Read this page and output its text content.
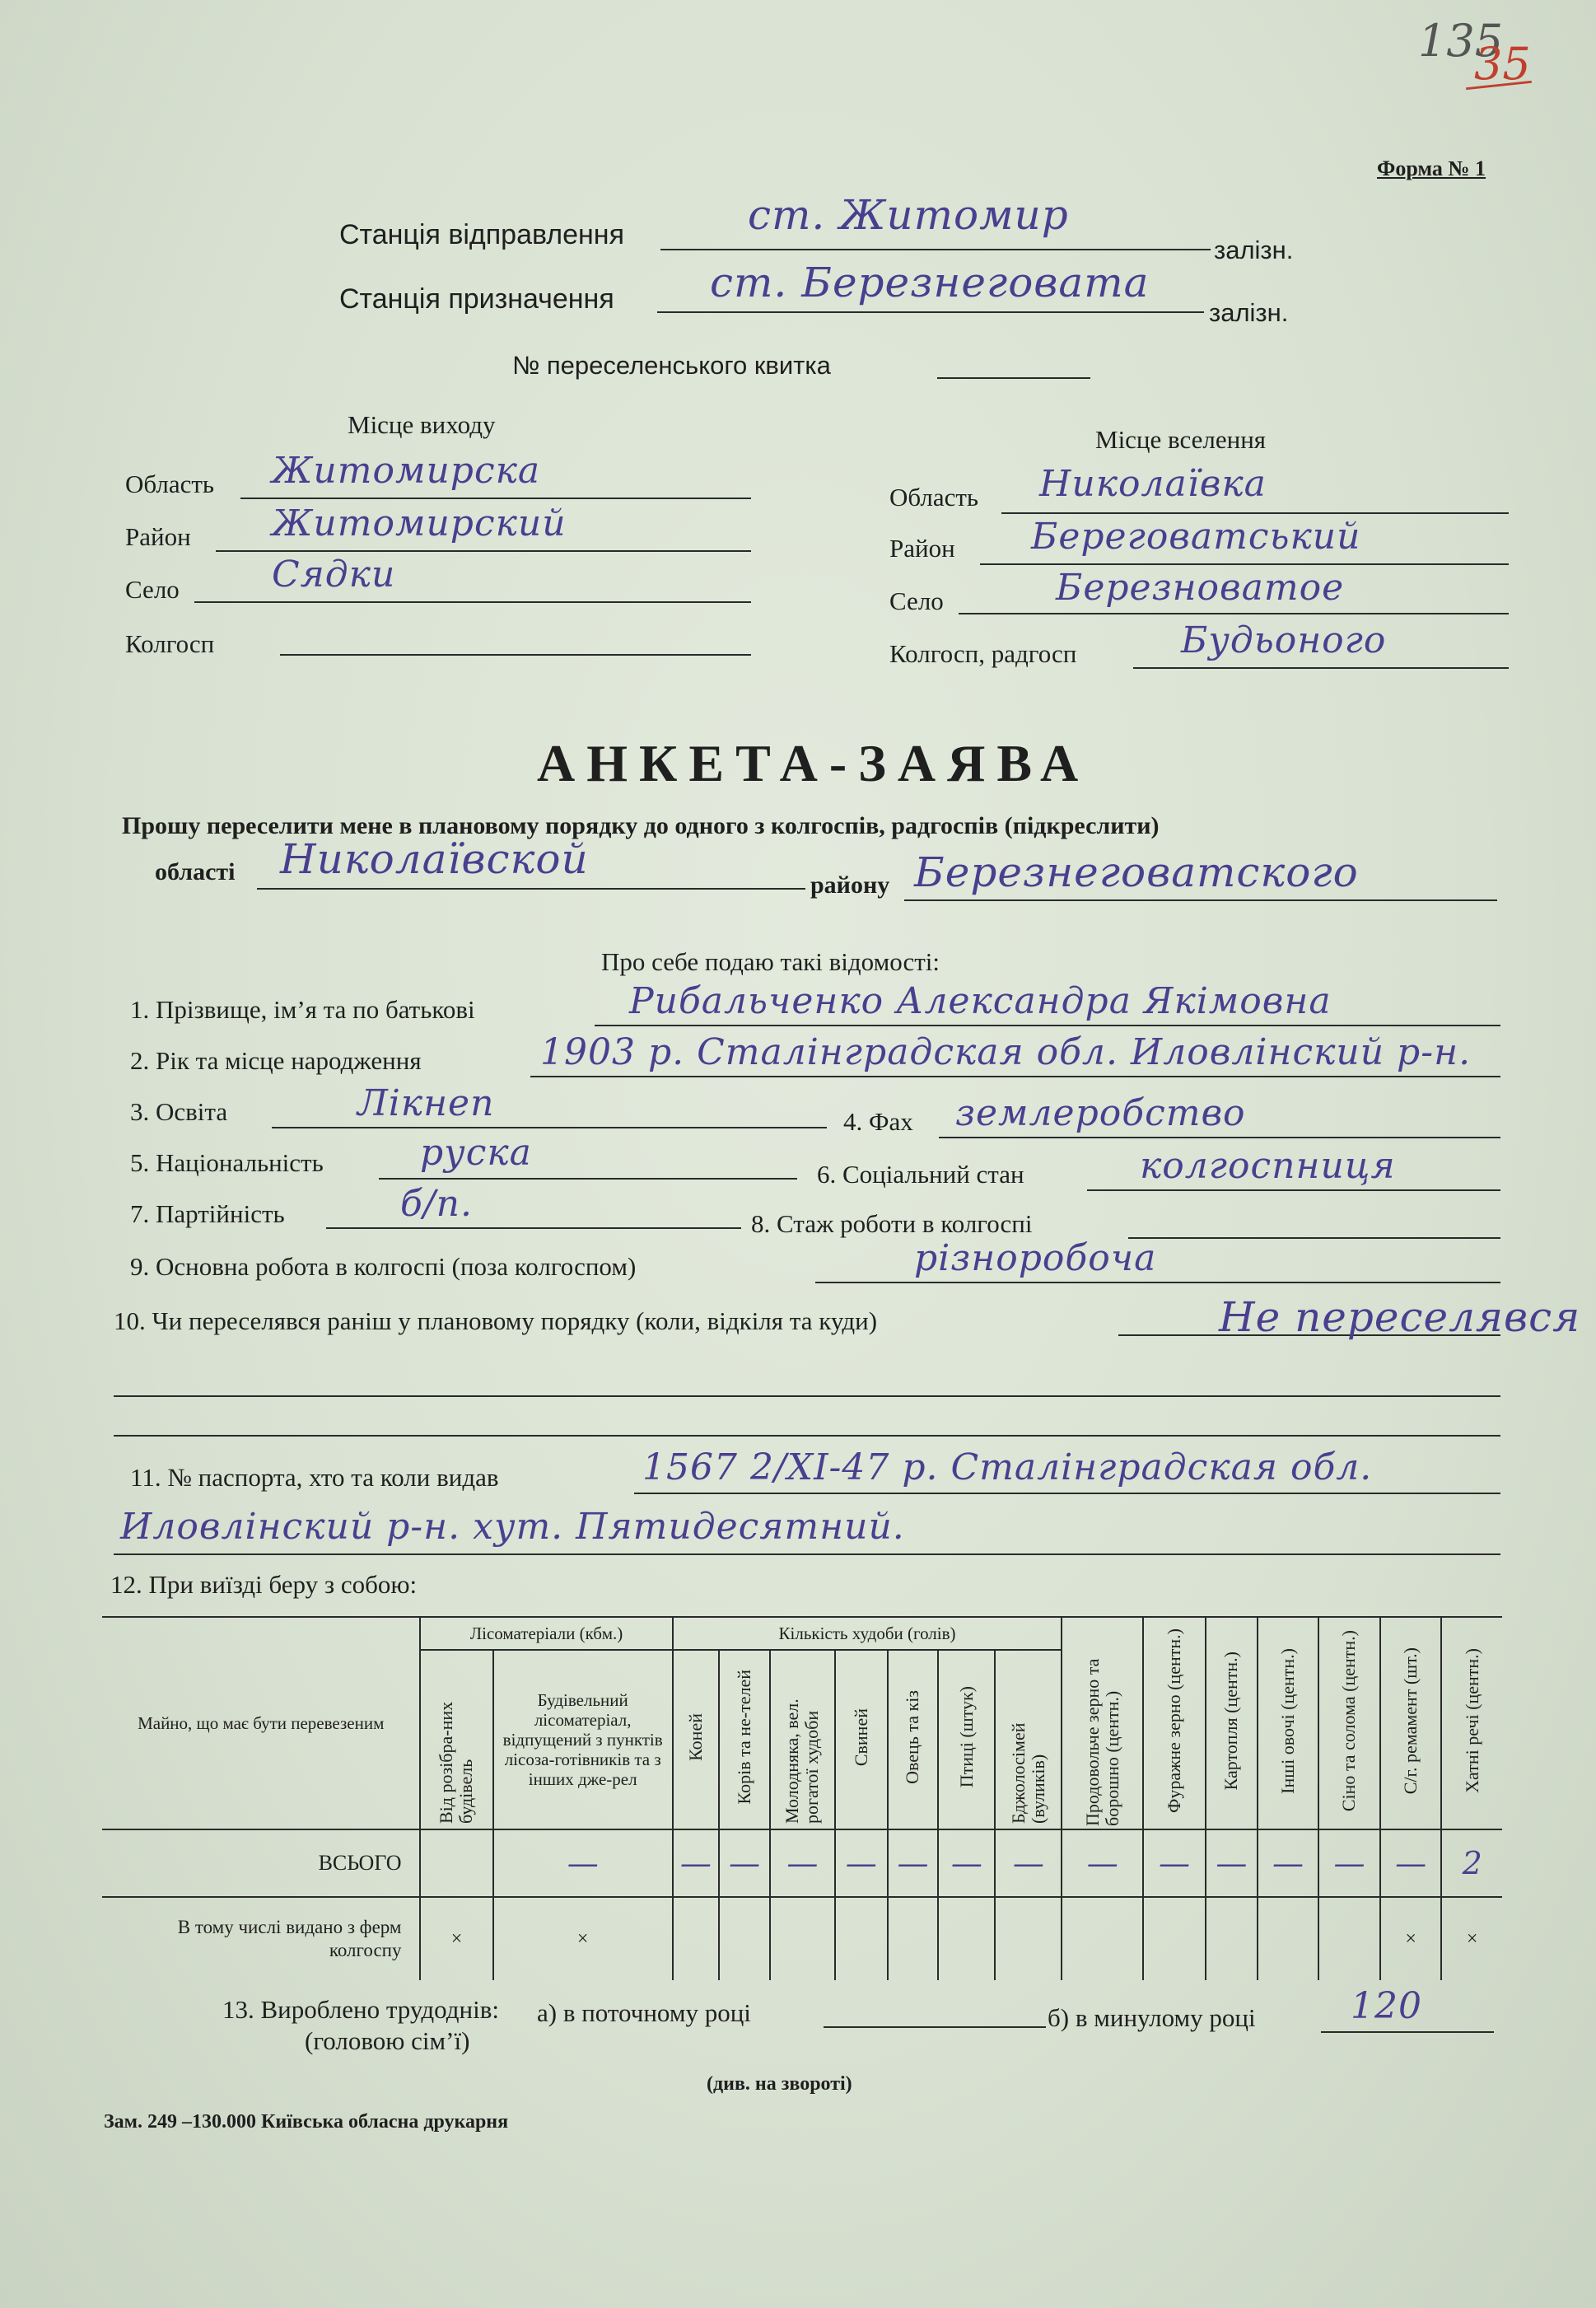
135
35
Форма № 1
Станція відправлення	ст. Житомир
залізн.
Станція призначення ст. Березнеговата
залізн.
№ переселенського квитка
Місце виходу
Область Житомирска
Район Житомирский
Село	Сядки
Колгосп
Місце вселення
Область Николаївка
Район Береговатський
Село	Березноватое
Колгосп, радгосп	Будьоного
АНКЕТА-ЗАЯВА
Прошу переселити мене в плановому порядку до одного з колгоспів, радгоспів (підкреслити)
області Николаївской
району Березнеговатского
Про себе подаю такі відомості:
1. Прізвище, ім’я та по батькові	Рибальченко Александра Якімовна
2. Рік та місце народження	1903 р. Сталінградская обл. Иловлінский р-н.
3. Освіта	Лікнеп	4. Фах землеробство
5. Національність	руска
6. Соціальний стан	колгоспниця
7. Партійність	б/п.	8. Стаж роботи в колгоспі
9. Основна робота в колгоспі (поза колгоспом)	різноробоча
10. Чи переселявся раніш у плановому порядку (коли, відкіля та куди)	Не переселявся
11. № паспорта, хто та коли видав	1567 2/XI-47 р. Сталінградская обл.
Иловлінский р-н. хут. Пятидесятний.
12. При виїзді беру з собою:
Майно, що має бути перевезеним	Лісоматеріали (кбм.)		Кількість худоби (голів)							Продовольче зерно та борошно (центн.)	Фуражне зерно (центн.)	Картопля (центн.)	Інші овочі (центн.)	Сіно та солома (центн.)	С/г. ремамент (шт.)	Хатні речі (центн.)
	Від розібра-них будівель	Будівельний лісоматеріал, відпущений з пунктів лісоза-готівників та з інших дже-рел	Коней	Корів та не-телей	Молодняка, вел. рогатої худоби	Свиней	Овець та кіз	Птиці (штук)	Бджолосімей (вуликів)							
ВСЬОГО		—	—	—	—	—	—	—	—	—	—	—	—	—	—	2
В тому числі видано з ферм колгоспу	×	×													×	×
13. Вироблено трудоднів:
(головою сім’ї)
а) в поточному році	б) в минулому році	120
(див. на звороті)
Зам. 249 –130.000 Київська обласна друкарня
